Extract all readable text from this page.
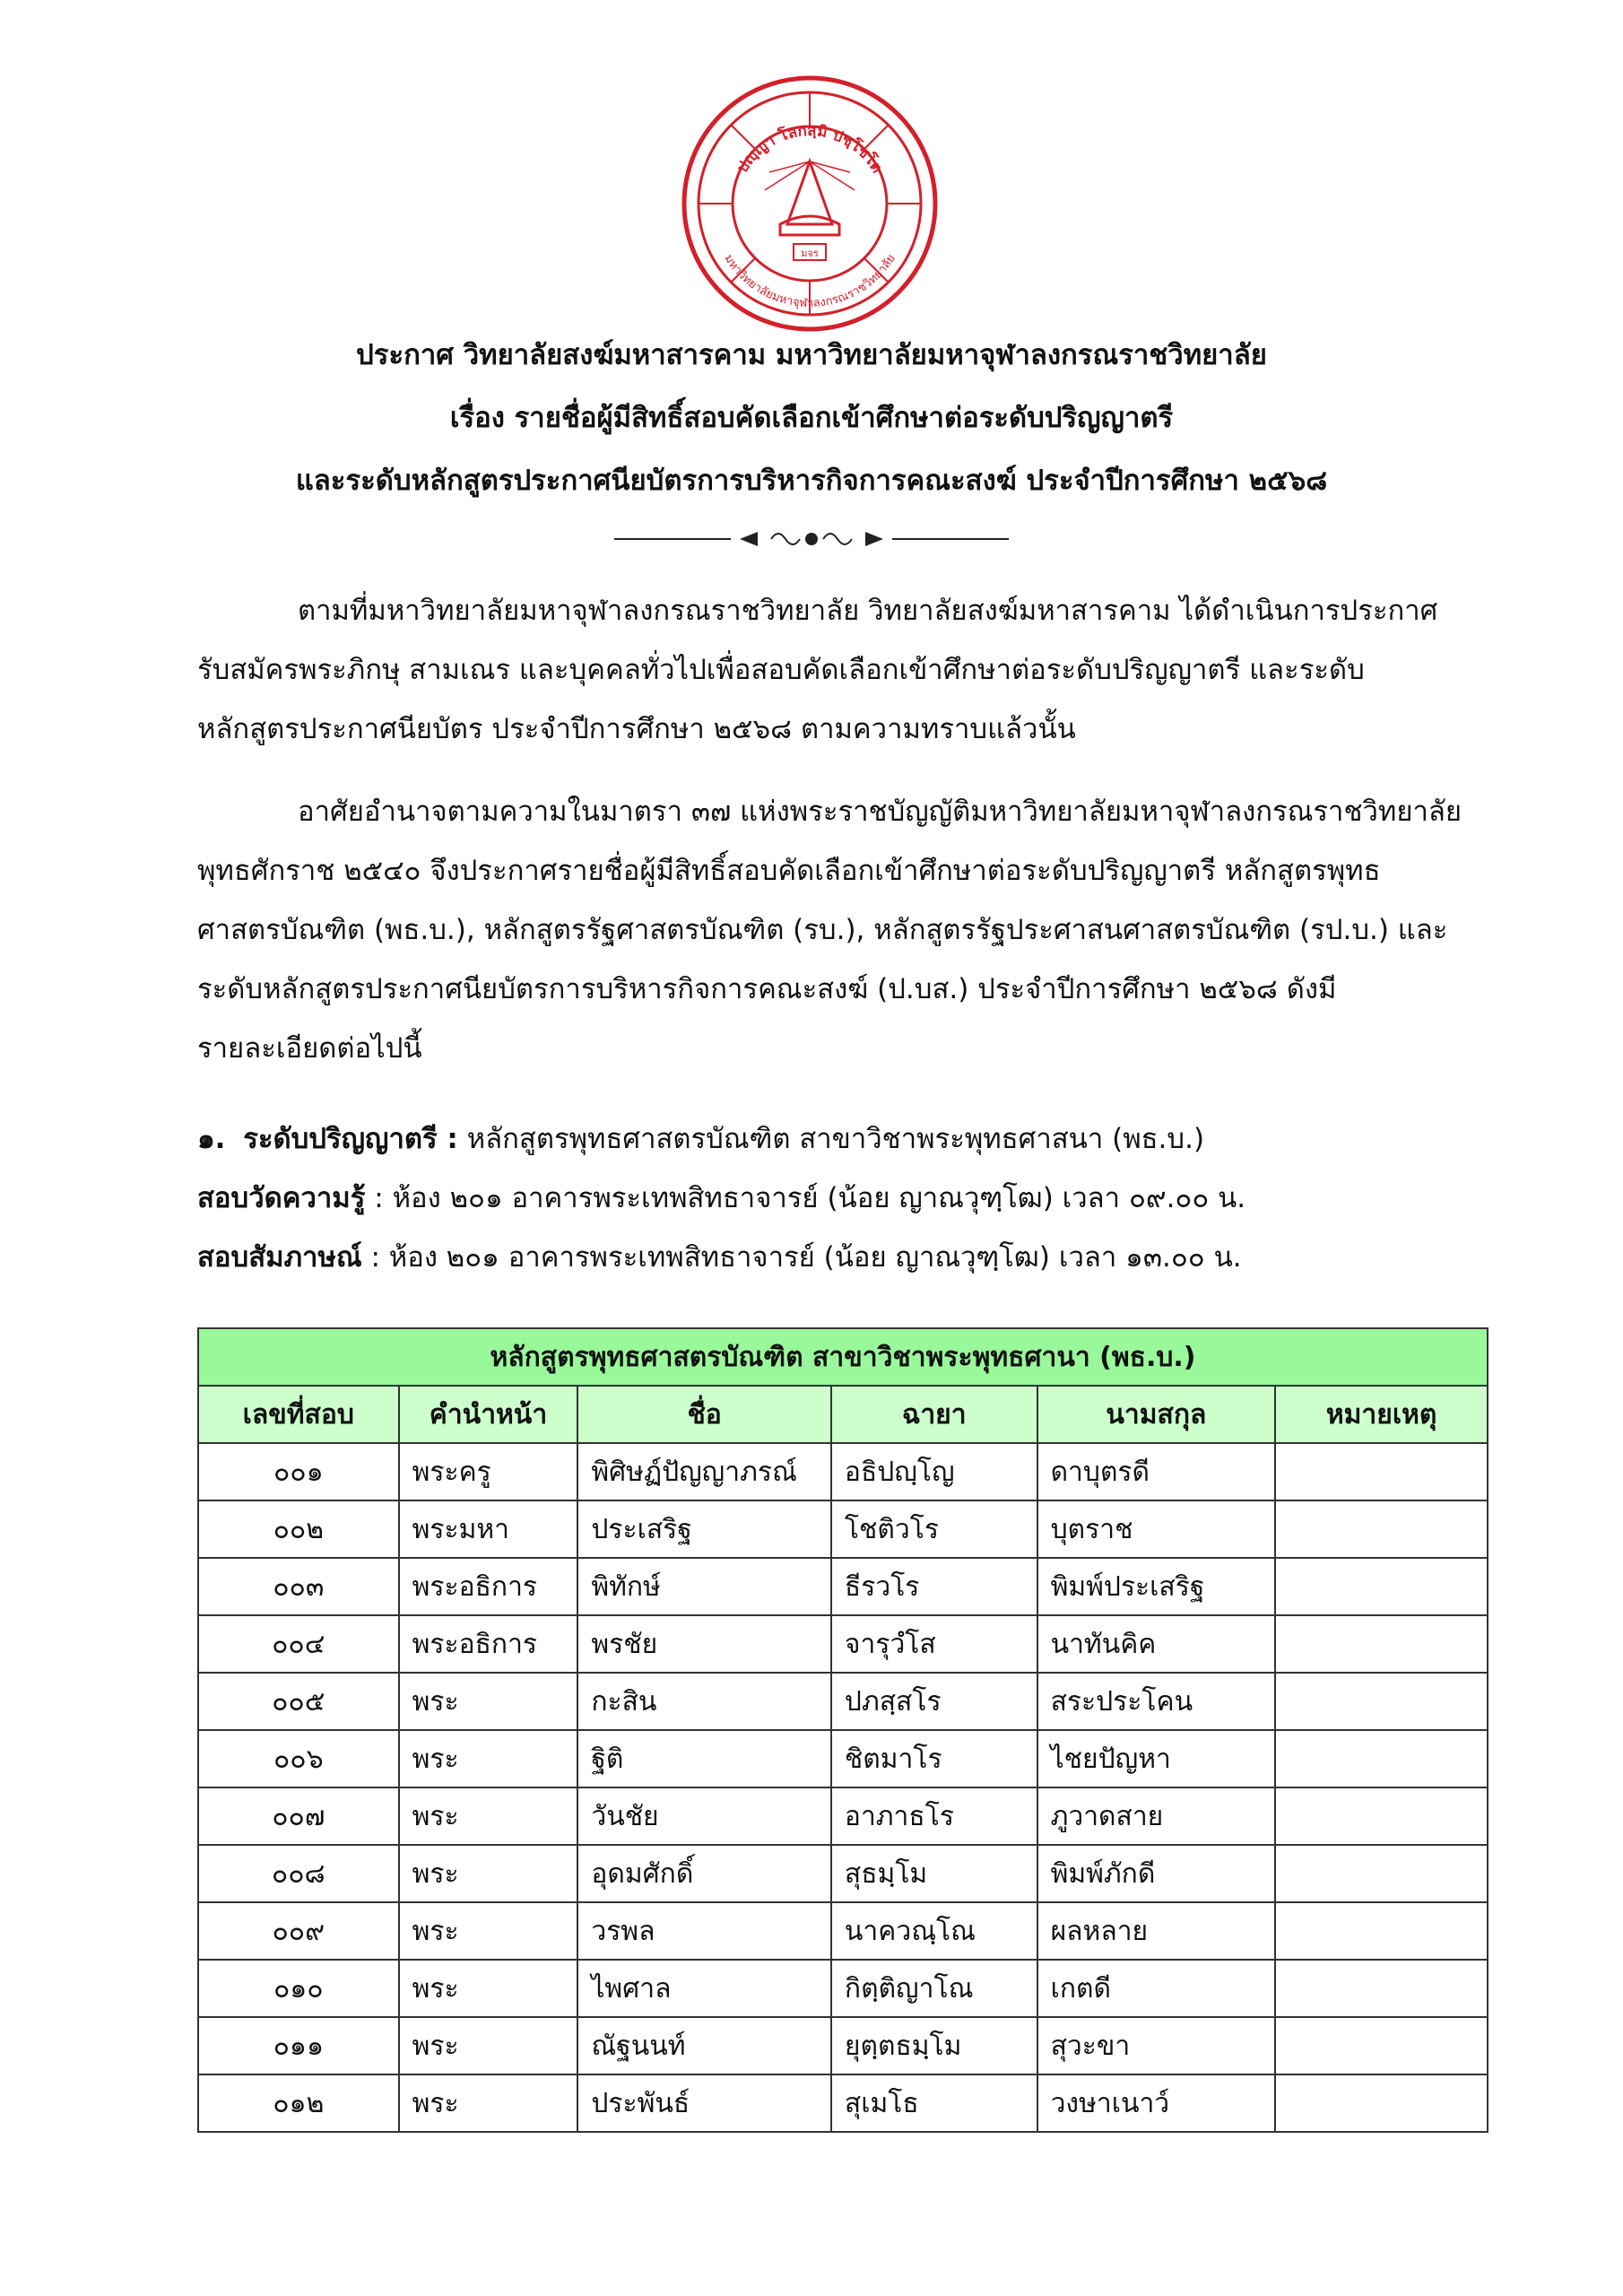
ปญฺญา โลกสฺมิ ปชฺโชโต
มหาวิทยาลัยมหาจุฬาลงกรณราชวิทยาลัย
มจร
ประกาศ วิทยาลัยสงฆ์มหาสารคาม มหาวิทยาลัยมหาจุฬาลงกรณราชวิทยาลัย
เรื่อง รายชื่อผู้มีสิทธิ์สอบคัดเลือกเข้าศึกษาต่อระดับปริญญาตรี
และระดับหลักสูตรประกาศนียบัตรการบริหารกิจการคณะสงฆ์ ประจำปีการศึกษา ๒๕๖๘
ตามที่มหาวิทยาลัยมหาจุฬาลงกรณราชวิทยาลัย วิทยาลัยสงฆ์มหาสารคาม ได้ดำเนินการประกาศ
รับสมัครพระภิกษุ สามเณร และบุคคลทั่วไปเพื่อสอบคัดเลือกเข้าศึกษาต่อระดับปริญญาตรี และระดับ
หลักสูตรประกาศนียบัตร ประจำปีการศึกษา ๒๕๖๘ ตามความทราบแล้วนั้น
อาศัยอำนาจตามความในมาตรา ๓๗ แห่งพระราชบัญญัติมหาวิทยาลัยมหาจุฬาลงกรณราชวิทยาลัย
พุทธศักราช ๒๕๔๐ จึงประกาศรายชื่อผู้มีสิทธิ์สอบคัดเลือกเข้าศึกษาต่อระดับปริญญาตรี หลักสูตรพุทธ
ศาสตรบัณฑิต (พธ.บ.), หลักสูตรรัฐศาสตรบัณฑิต (รบ.), หลักสูตรรัฐประศาสนศาสตรบัณฑิต (รป.บ.) และ
ระดับหลักสูตรประกาศนียบัตรการบริหารกิจการคณะสงฆ์ (ป.บส.) ประจำปีการศึกษา ๒๕๖๘ ดังมี
รายละเอียดต่อไปนี้
๑. ระดับปริญญาตรี : หลักสูตรพุทธศาสตรบัณฑิต สาขาวิชาพระพุทธศาสนา (พธ.บ.)
สอบวัดความรู้ : ห้อง ๒๐๑ อาคารพระเทพสิทธาจารย์ (น้อย ญาณวุฑฺโฒ) เวลา ๐๙.๐๐ น.
สอบสัมภาษณ์ : ห้อง ๒๐๑ อาคารพระเทพสิทธาจารย์ (น้อย ญาณวุฑฺโฒ) เวลา ๑๓.๐๐ น.
หลักสูตรพุทธศาสตรบัณฑิต สาขาวิชาพระพุทธศานา (พธ.บ.)					
เลขที่สอบ	คำนำหน้า	ชื่อ	ฉายา	นามสกุล	หมายเหตุ
๐๐๑	พระครู	พิศิษฏ์ปัญญาภรณ์	อธิปญฺโญ	ดาบุตรดี	
๐๐๒	พระมหา	ประเสริฐ	โชติวโร	บุตราช	
๐๐๓	พระอธิการ	พิทักษ์	ธีรวโร	พิมพ์ประเสริฐ	
๐๐๔	พระอธิการ	พรชัย	จารุวํโส	นาทันคิค	
๐๐๕	พระ	กะสิน	ปภสฺสโร	สระประโคน	
๐๐๖	พระ	ฐิติ	ชิตมาโร	ไชยปัญหา	
๐๐๗	พระ	วันชัย	อาภาธโร	ภูวาดสาย	
๐๐๘	พระ	อุดมศักดิ์	สุธมฺโม	พิมพ์ภักดี	
๐๐๙	พระ	วรพล	นาควณฺโณ	ผลหลาย	
๐๑๐	พระ	ไพศาล	กิตฺติญาโณ	เกตดี	
๐๑๑	พระ	ณัฐนนท์	ยุตฺตธมฺโม	สุวะขา	
๐๑๒	พระ	ประพันธ์	สุเมโธ	วงษาเนาว์	
